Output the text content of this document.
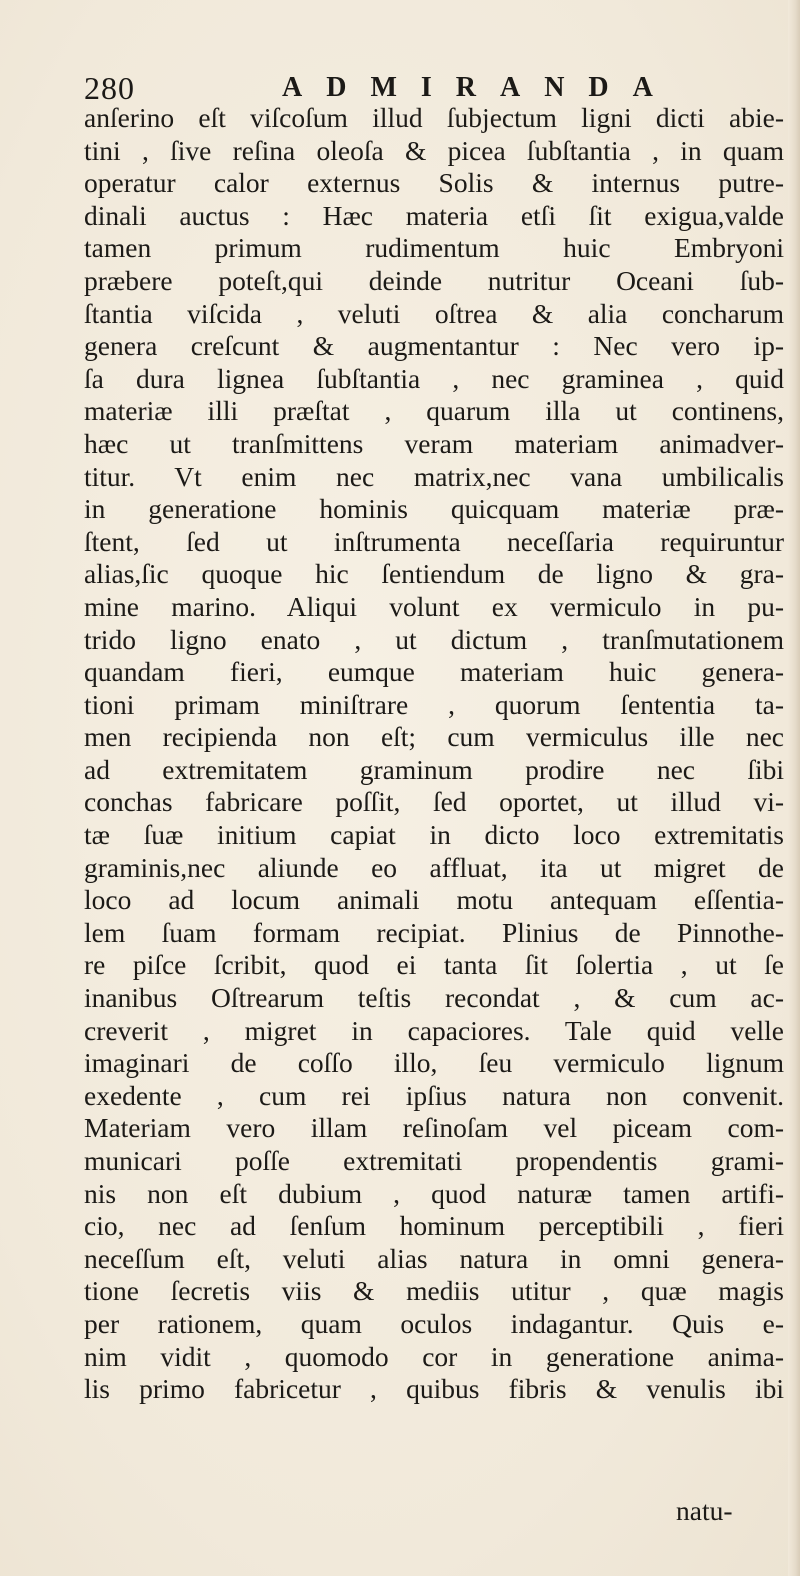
280	ADMIRANDA
anſerino eſt viſcoſum illud ſubjectum ligni dicti abie-
tini , ſive reſina oleoſa & picea ſubſtantia , in quam
operatur calor externus Solis & internus putre-
dinali auctus : Hæc materia etſi ſit exigua,valde
tamen primum rudimentum huic Embryoni
præbere poteſt,qui deinde nutritur Oceani ſub-
ſtantia viſcida , veluti oſtrea & alia concharum
genera creſcunt & augmentantur : Nec vero ip-
ſa dura lignea ſubſtantia , nec graminea , quid
materiæ illi præſtat , quarum illa ut continens,
hæc ut tranſmittens veram materiam animadver-
titur. Vt enim nec matrix,nec vana umbilicalis
in generatione hominis quicquam materiæ præ-
ſtent, ſed ut inſtrumenta neceſſaria requiruntur
alias,ſic quoque hic ſentiendum de ligno & gra-
mine marino. Aliqui volunt ex vermiculo in pu-
trido ligno enato , ut dictum , tranſmutationem
quandam fieri, eumque materiam huic genera-
tioni primam miniſtrare , quorum ſententia ta-
men recipienda non eſt; cum vermiculus ille nec
ad extremitatem graminum prodire nec ſibi
conchas fabricare poſſit, ſed oportet, ut illud vi-
tæ ſuæ initium capiat in dicto loco extremitatis
graminis,nec aliunde eo affluat, ita ut migret de
loco ad locum animali motu antequam eſſentia-
lem ſuam formam recipiat. Plinius de Pinnothe-
re piſce ſcribit, quod ei tanta ſit ſolertia , ut ſe
inanibus Oſtrearum teſtis recondat , & cum ac-
creverit , migret in capaciores. Tale quid velle
imaginari de coſſo illo, ſeu vermiculo lignum
exedente , cum rei ipſius natura non convenit.
Materiam vero illam reſinoſam vel piceam com-
municari poſſe extremitati propendentis grami-
nis non eſt dubium , quod naturæ tamen artifi-
cio, nec ad ſenſum hominum perceptibili , fieri
neceſſum eſt, veluti alias natura in omni genera-
tione ſecretis viis & mediis utitur , quæ magis
per rationem, quam oculos indagantur. Quis e-
nim vidit , quomodo cor in generatione anima-
lis primo fabricetur , quibus fibris & venulis ibi
natu-
